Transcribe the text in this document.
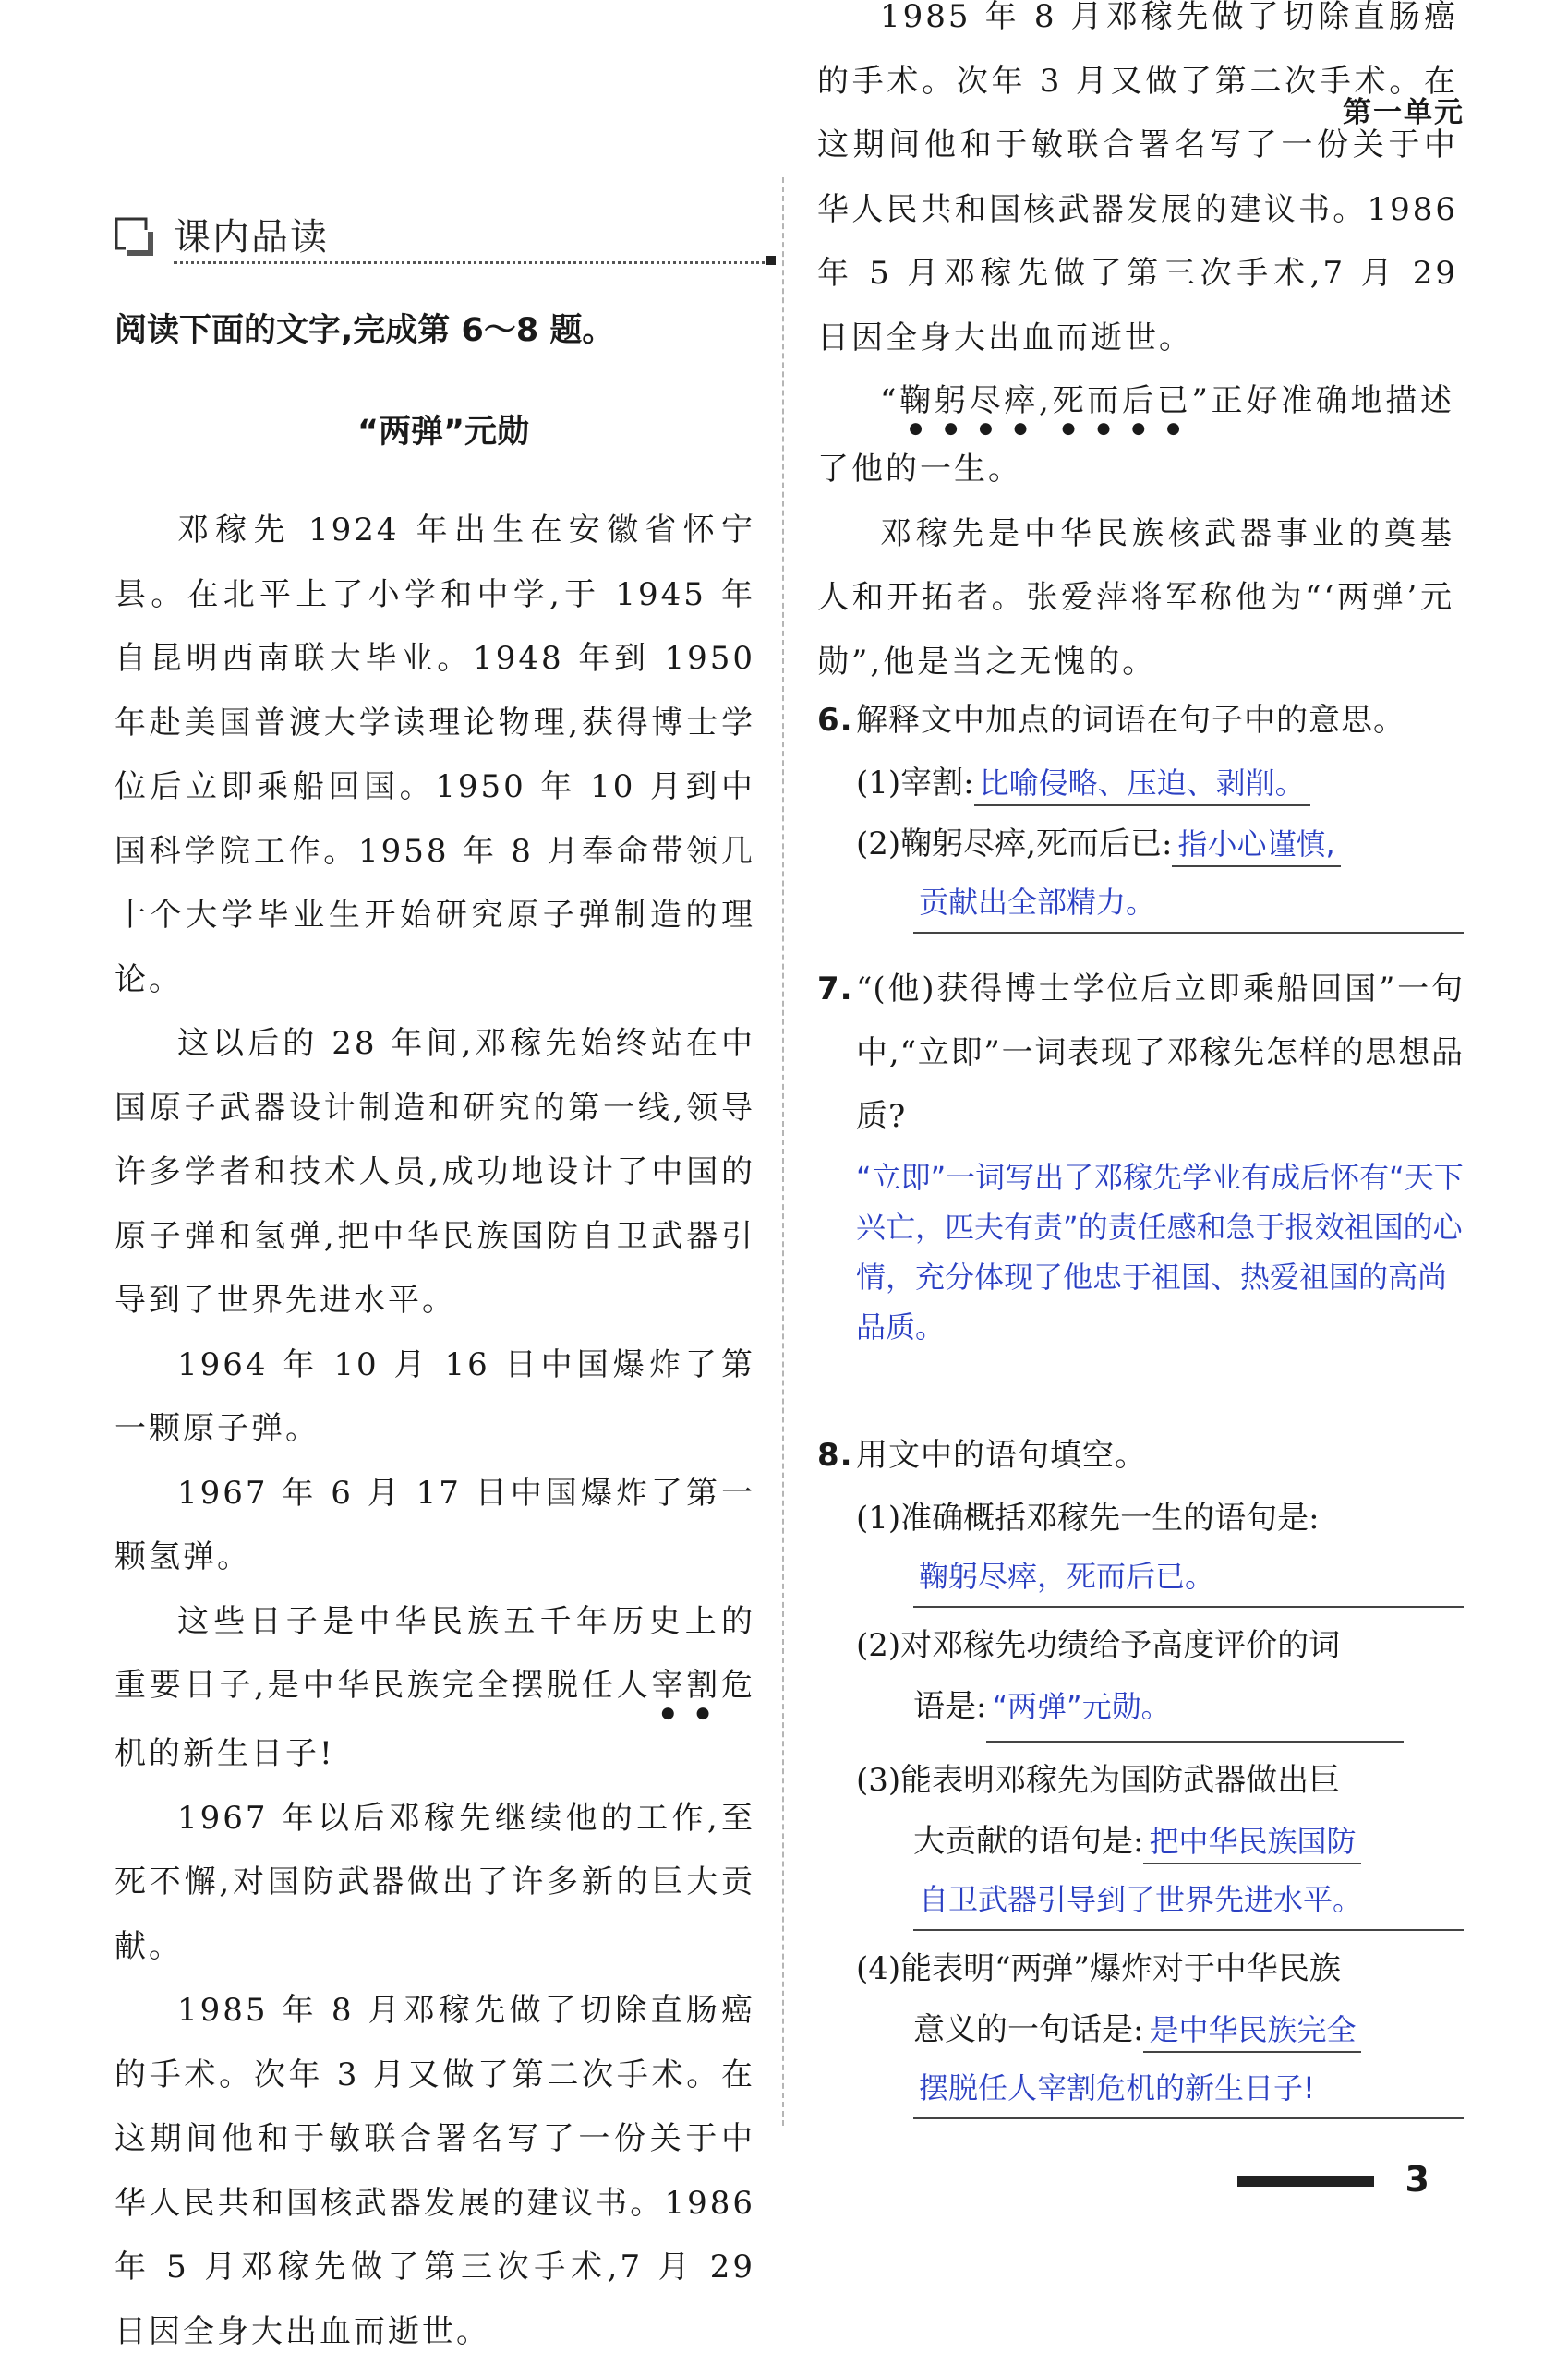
第一单元
课内品读
阅读下面的文字,完成第 6～8 题。
“两弹”元勋

邓稼先 1924 年出生在安徽省怀宁县。在北平上了小学和中学,于 1945 年自昆明西南联大毕业。1948 年到 1950 年赴美国普渡大学读理论物理,获得博士学位后立即乘船回国。1950 年 10 月到中国科学院工作。1958 年 8 月奉命带领几十个大学毕业生开始研究原子弹制造的理论。

这以后的 28 年间,邓稼先始终站在中国原子武器设计制造和研究的第一线,领导许多学者和技术人员,成功地设计了中国的原子弹和氢弹,把中华民族国防自卫武器引导到了世界先进水平。

1964 年 10 月 16 日中国爆炸了第一颗原子弹。

1967 年 6 月 17 日中国爆炸了第一颗氢弹。

这些日子是中华民族五千年历史上的重要日子,是中华民族完全摆脱任人宰割危机的新生日子!

1967 年以后邓稼先继续他的工作,至死不懈,对国防武器做出了许多新的巨大贡献。

1985 年 8 月邓稼先做了切除直肠癌的手术。次年 3 月又做了第二次手术。在这期间他和于敏联合署名写了一份关于中华人民共和国核武器发展的建议书。1986 年 5 月邓稼先做了第三次手术,7 月 29 日因全身大出血而逝世。

1985 年 8 月邓稼先做了切除直肠癌的手术。次年 3 月又做了第二次手术。在这期间他和于敏联合署名写了一份关于中华人民共和国核武器发展的建议书。1986 年 5 月邓稼先做了第三次手术,7 月 29 日因全身大出血而逝世。

“鞠躬尽瘁,死而后已”正好准确地描述了他的一生。

邓稼先是中华民族核武器事业的奠基人和开拓者。张爱萍将军称他为“‘两弹’元勋”,他是当之无愧的。

6. 解释文中加点的词语在句子中的意思。
(1)宰割: 比喻侵略、压迫、剥削。
(2)鞠躬尽瘁,死而后已: 指小心谨慎,
贡献出全部精力。
7. “(他)获得博士学位后立即乘船回国”一句中,“立即”一词表现了邓稼先怎样的思想品质?
“立即”一词写出了邓稼先学业有成后怀有“天下兴亡，匹夫有责”的责任感和急于报效祖国的心情，充分体现了他忠于祖国、热爱祖国的高尚品质。
8. 用文中的语句填空。
(1)准确概括邓稼先一生的语句是:
鞠躬尽瘁，死而后已。
(2)对邓稼先功绩给予高度评价的词
语是: “两弹”元勋。
(3)能表明邓稼先为国防武器做出巨
大贡献的语句是: 把中华民族国防
自卫武器引导到了世界先进水平。
(4)能表明“两弹”爆炸对于中华民族
意义的一句话是: 是中华民族完全
摆脱任人宰割危机的新生日子!
3
